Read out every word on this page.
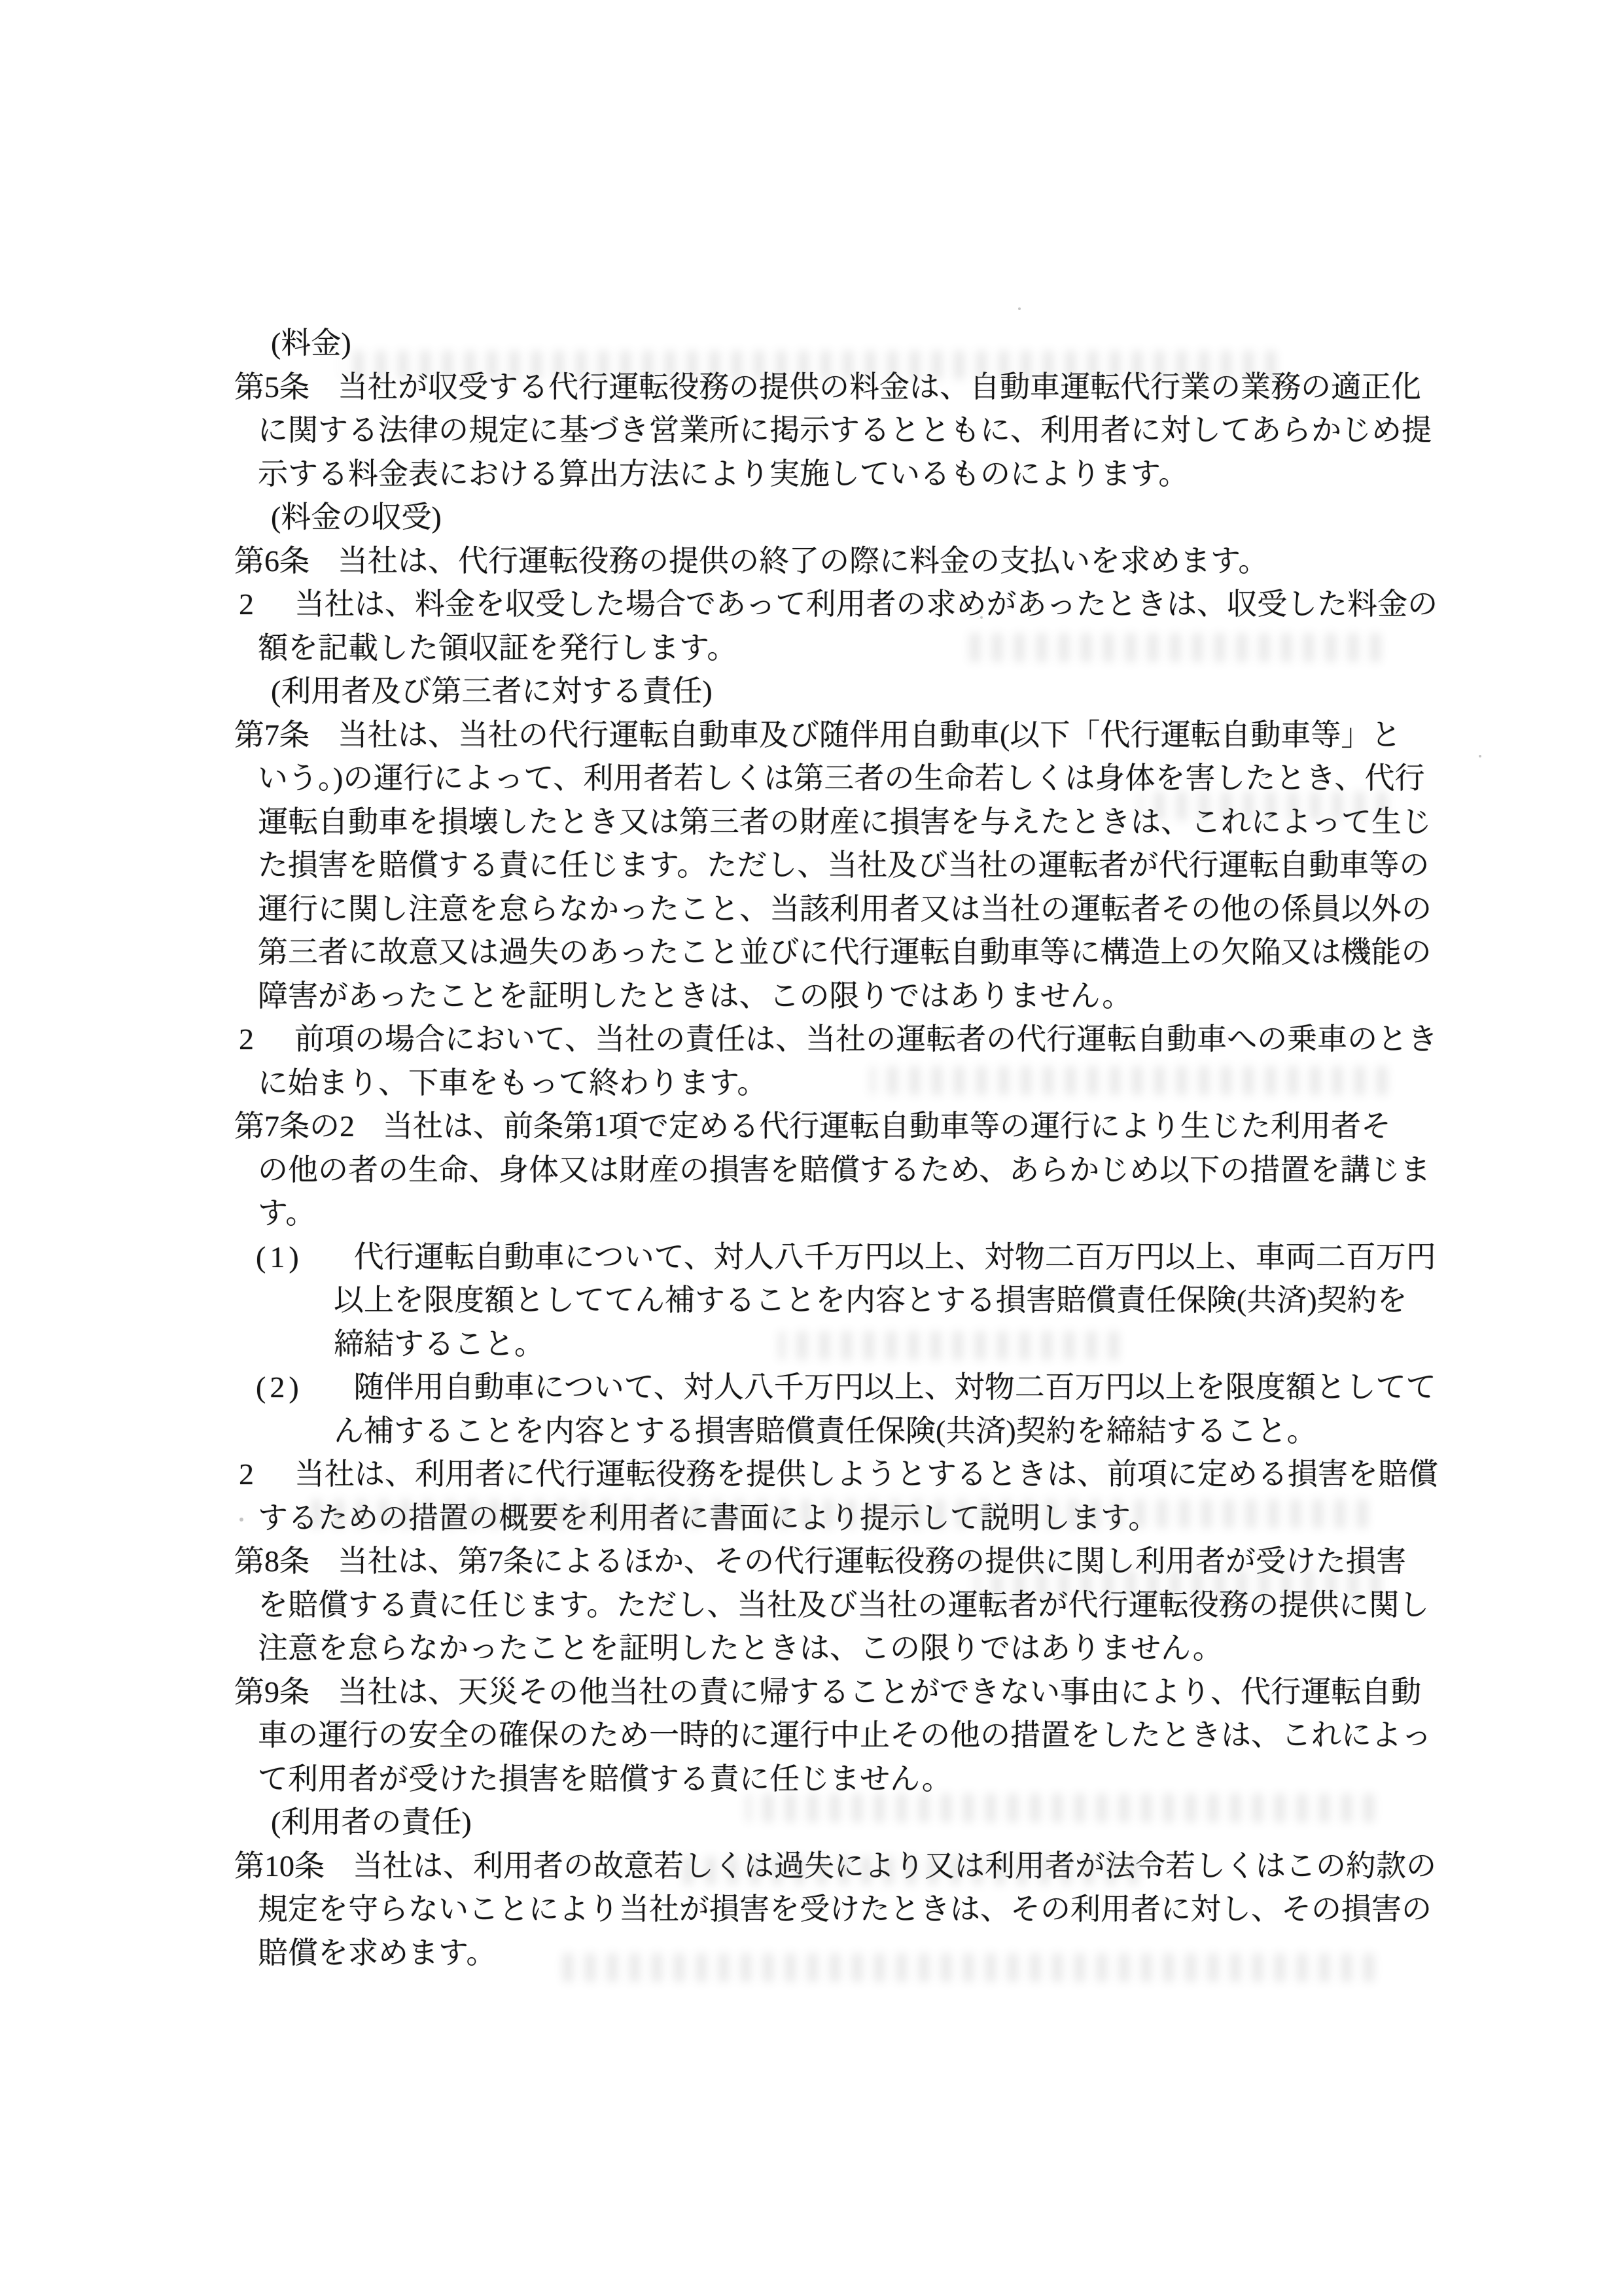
(料金)
第5条 当社が収受する代行運転役務の提供の料金は、自動車運転代行業の業務の適正化
に関する法律の規定に基づき営業所に掲示するとともに、利用者に対してあらかじめ提
示する料金表における算出方法により実施しているものによります。
(料金の収受)
第6条 当社は、代行運転役務の提供の終了の際に料金の支払いを求めます。
2 当社は、料金を収受した場合であって利用者の求めがあったときは、収受した料金の
額を記載した領収証を発行します。
(利用者及び第三者に対する責任)
第7条 当社は、当社の代行運転自動車及び随伴用自動車(以下「代行運転自動車等」と
いう。)の運行によって、利用者若しくは第三者の生命若しくは身体を害したとき、代行
運転自動車を損壊したとき又は第三者の財産に損害を与えたときは、これによって生じ
た損害を賠償する責に任じます。ただし、当社及び当社の運転者が代行運転自動車等の
運行に関し注意を怠らなかったこと、当該利用者又は当社の運転者その他の係員以外の
第三者に故意又は過失のあったこと並びに代行運転自動車等に構造上の欠陥又は機能の
障害があったことを証明したときは、この限りではありません。
2 前項の場合において、当社の責任は、当社の運転者の代行運転自動車への乗車のとき
に始まり、下車をもって終わります。
第7条の2 当社は、前条第1項で定める代行運転自動車等の運行により生じた利用者そ
の他の者の生命、身体又は財産の損害を賠償するため、あらかじめ以下の措置を講じま
す。
(1) 代行運転自動車について、対人八千万円以上、対物二百万円以上、車両二百万円
以上を限度額としててん補することを内容とする損害賠償責任保険(共済)契約を
締結すること。
(2) 随伴用自動車について、対人八千万円以上、対物二百万円以上を限度額としてて
ん補することを内容とする損害賠償責任保険(共済)契約を締結すること。
2 当社は、利用者に代行運転役務を提供しようとするときは、前項に定める損害を賠償
するための措置の概要を利用者に書面により提示して説明します。
第8条 当社は、第7条によるほか、その代行運転役務の提供に関し利用者が受けた損害
を賠償する責に任じます。ただし、当社及び当社の運転者が代行運転役務の提供に関し
注意を怠らなかったことを証明したときは、この限りではありません。
第9条 当社は、天災その他当社の責に帰することができない事由により、代行運転自動
車の運行の安全の確保のため一時的に運行中止その他の措置をしたときは、これによっ
て利用者が受けた損害を賠償する責に任じません。
(利用者の責任)
第10条 当社は、利用者の故意若しくは過失により又は利用者が法令若しくはこの約款の
規定を守らないことにより当社が損害を受けたときは、その利用者に対し、その損害の
賠償を求めます。
